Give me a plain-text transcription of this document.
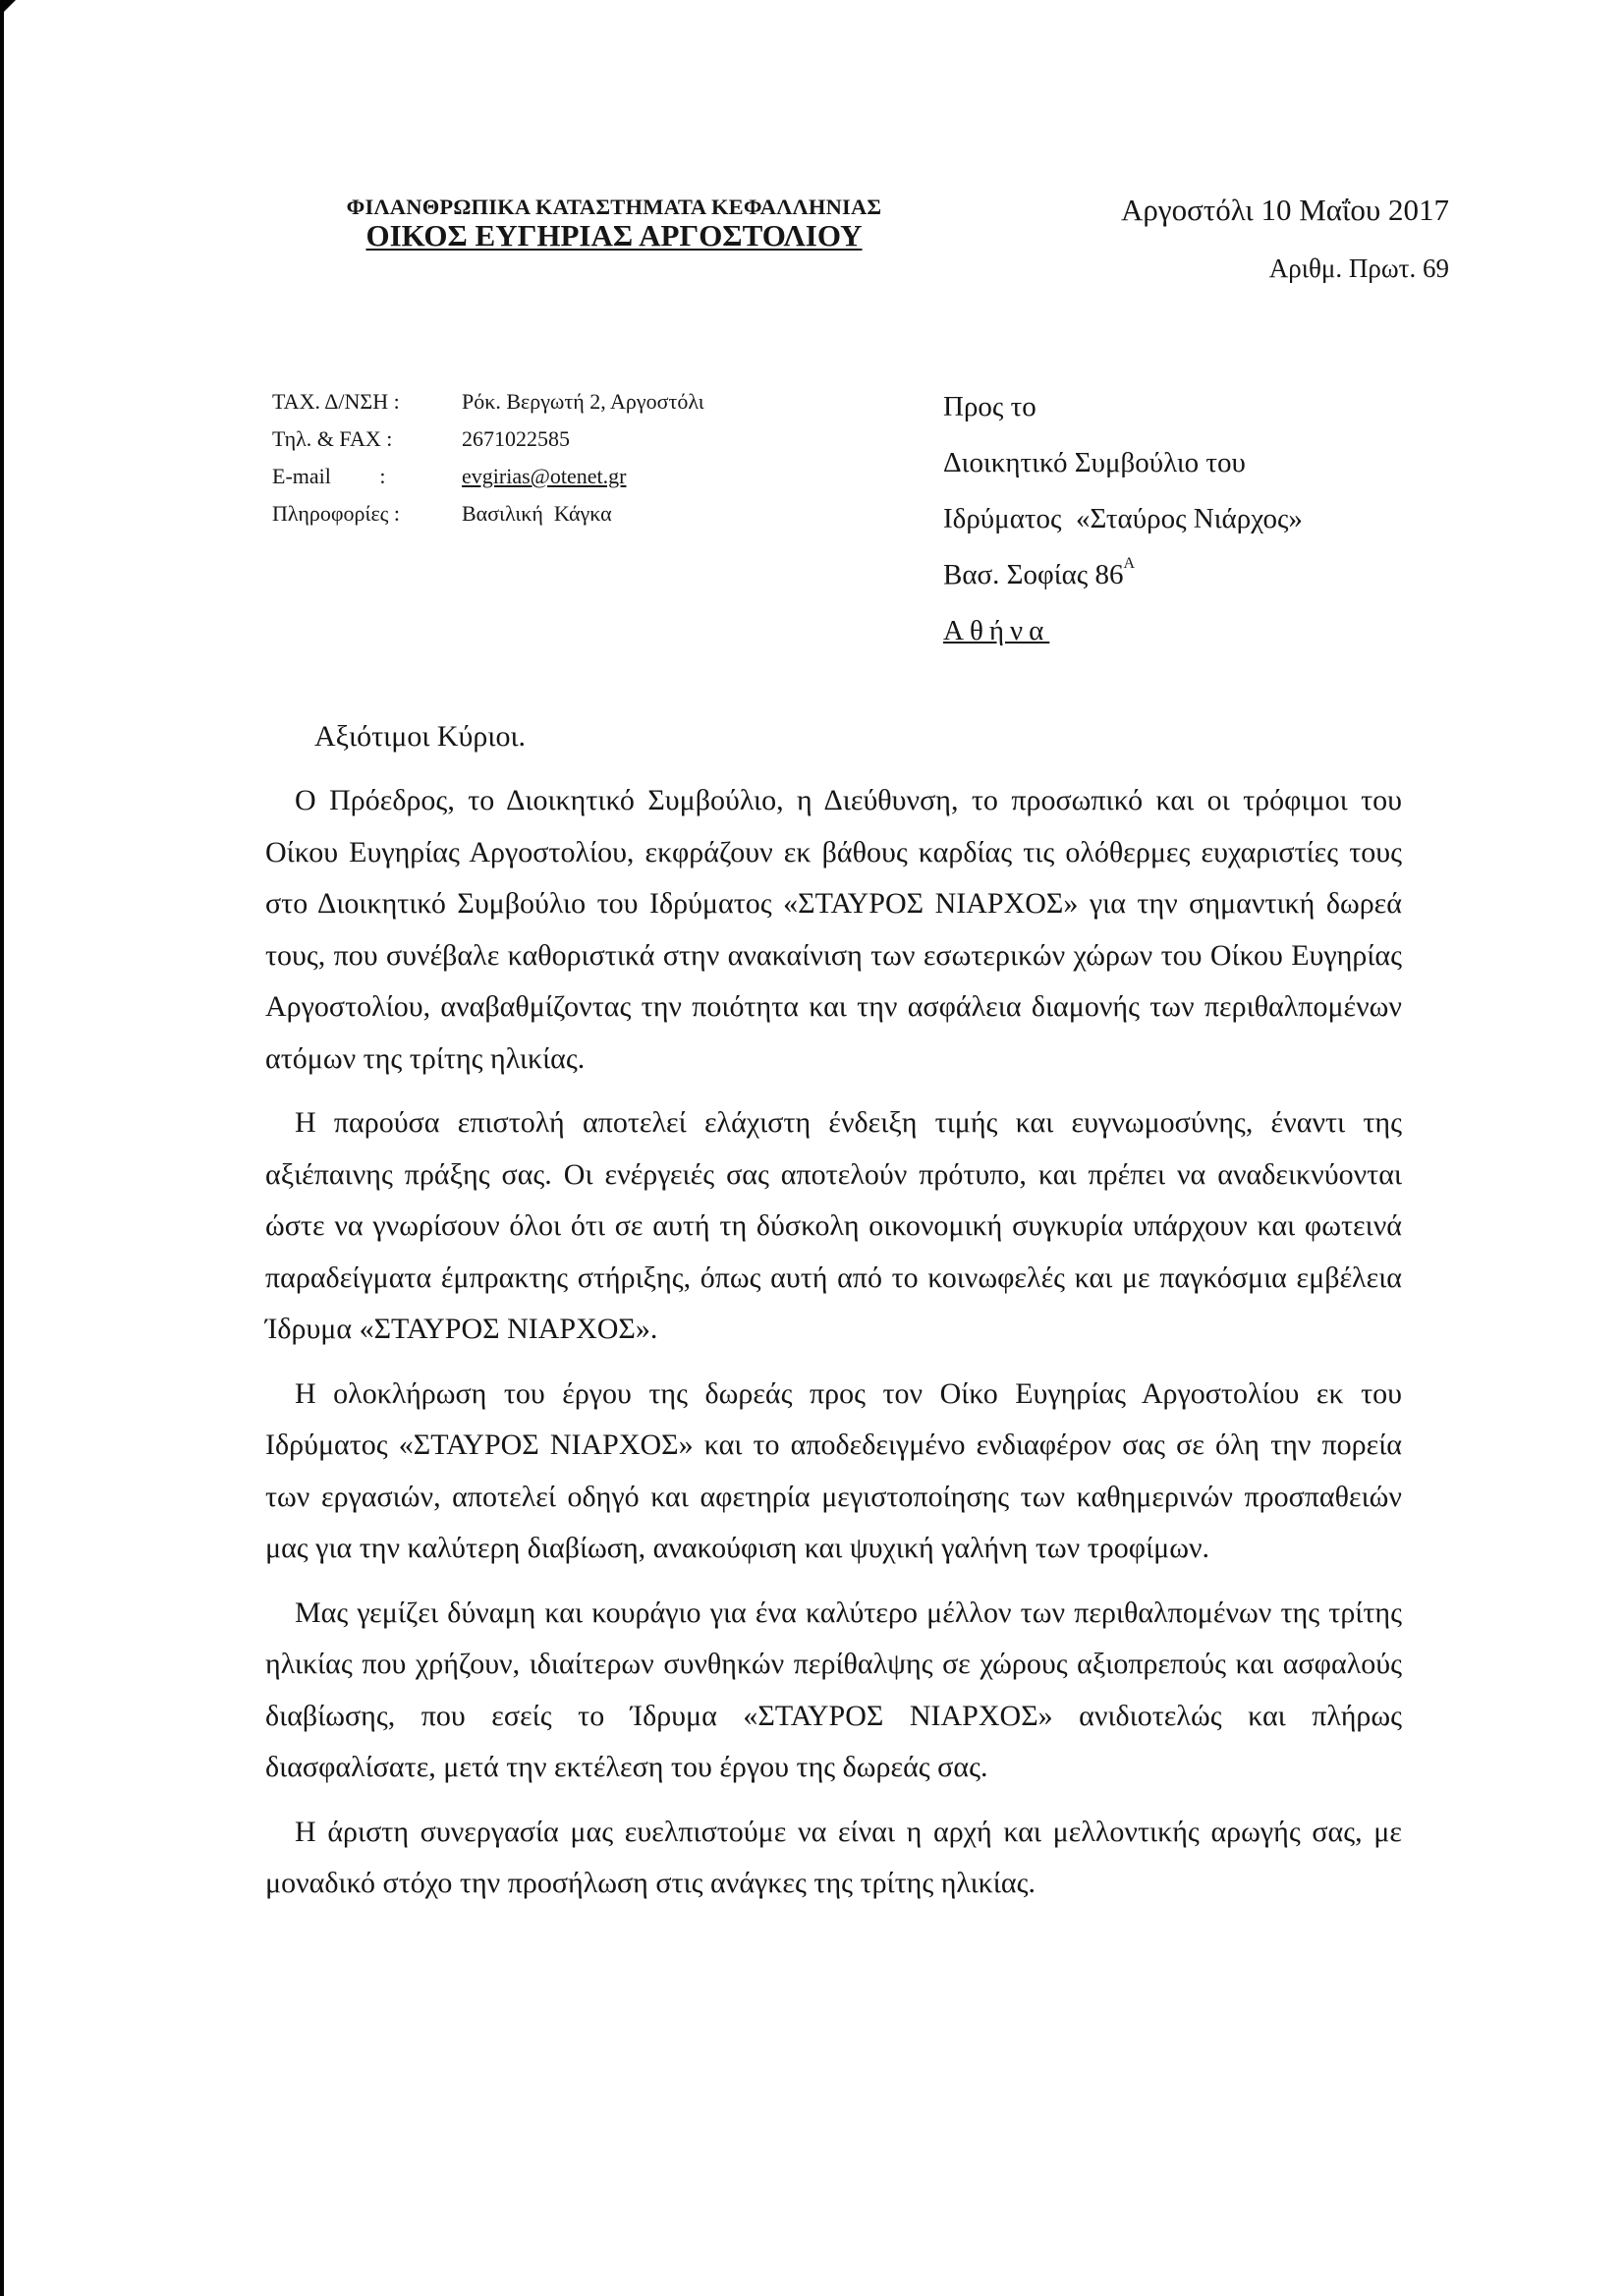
ΦΙΛΑΝΘΡΩΠΙΚΑ ΚΑΤΑΣΤΗΜΑΤΑ ΚΕΦΑΛΛΗΝΙΑΣ
ΟΙΚΟΣ ΕΥΓΗΡΙΑΣ ΑΡΓΟΣΤΟΛΙΟΥ
Αργοστόλι 10 Μαΐου 2017
Αριθμ. Πρωτ. 69
ΤΑΧ. Δ/ΝΣΗ :	Ρόκ. Βεργωτή 2, Αργοστόλι
Τηλ. & FAX :	2671022585
E-mail         :	evgirias@otenet.gr
Πληροφορίες :	Βασιλική  Κάγκα
Προς το
Διοικητικό Συμβούλιο του
Ιδρύματος  «Σταύρος Νιάρχος»
Βασ. Σοφίας $86^A$
Αθήνα
Αξιότιμοι Κύριοι.

Ο Πρόεδρος, το Διοικητικό Συμβούλιο, η Διεύθυνση, το προσωπικό και οι τρόφιμοι του Οίκου Ευγηρίας Αργοστολίου, εκφράζουν εκ βάθους καρδίας τις ολόθερμες ευχαριστίες τους στο Διοικητικό Συμβούλιο του Ιδρύματος «ΣΤΑΥΡΟΣ ΝΙΑΡΧΟΣ» για την σημαντική δωρεά τους, που συνέβαλε καθοριστικά στην ανακαίνιση των εσωτερικών χώρων του Οίκου Ευγηρίας Αργοστολίου, αναβαθμίζοντας την ποιότητα και την ασφάλεια διαμονής των περιθαλπομένων ατόμων της τρίτης ηλικίας.

Η παρούσα επιστολή αποτελεί ελάχιστη ένδειξη τιμής και ευγνωμοσύνης, έναντι της αξιέπαινης πράξης σας. Οι ενέργειές σας αποτελούν πρότυπο, και πρέπει να αναδεικνύονται ώστε να γνωρίσουν όλοι ότι σε αυτή τη δύσκολη οικονομική συγκυρία υπάρχουν και φωτεινά παραδείγματα έμπρακτης στήριξης, όπως αυτή από το κοινωφελές και με παγκόσμια εμβέλεια Ίδρυμα «ΣΤΑΥΡΟΣ ΝΙΑΡΧΟΣ».

Η ολοκλήρωση του έργου της δωρεάς προς τον Οίκο Ευγηρίας Αργοστολίου εκ του Ιδρύματος «ΣΤΑΥΡΟΣ ΝΙΑΡΧΟΣ» και το αποδεδειγμένο ενδιαφέρον σας σε όλη την πορεία των εργασιών, αποτελεί οδηγό και αφετηρία μεγιστοποίησης των καθημερινών προσπαθειών μας για την καλύτερη διαβίωση, ανακούφιση και ψυχική γαλήνη των τροφίμων.

Μας γεμίζει δύναμη και κουράγιο για ένα καλύτερο μέλλον των περιθαλπομένων της τρίτης ηλικίας που χρήζουν, ιδιαίτερων συνθηκών περίθαλψης σε χώρους αξιοπρεπούς και ασφαλούς διαβίωσης, που εσείς το Ίδρυμα «ΣΤΑΥΡΟΣ ΝΙΑΡΧΟΣ» ανιδιοτελώς και πλήρως διασφαλίσατε, μετά την εκτέλεση του έργου της δωρεάς σας.

Η άριστη συνεργασία μας ευελπιστούμε να είναι η αρχή και μελλοντικής αρωγής σας, με μοναδικό στόχο την προσήλωση στις ανάγκες της τρίτης ηλικίας.
